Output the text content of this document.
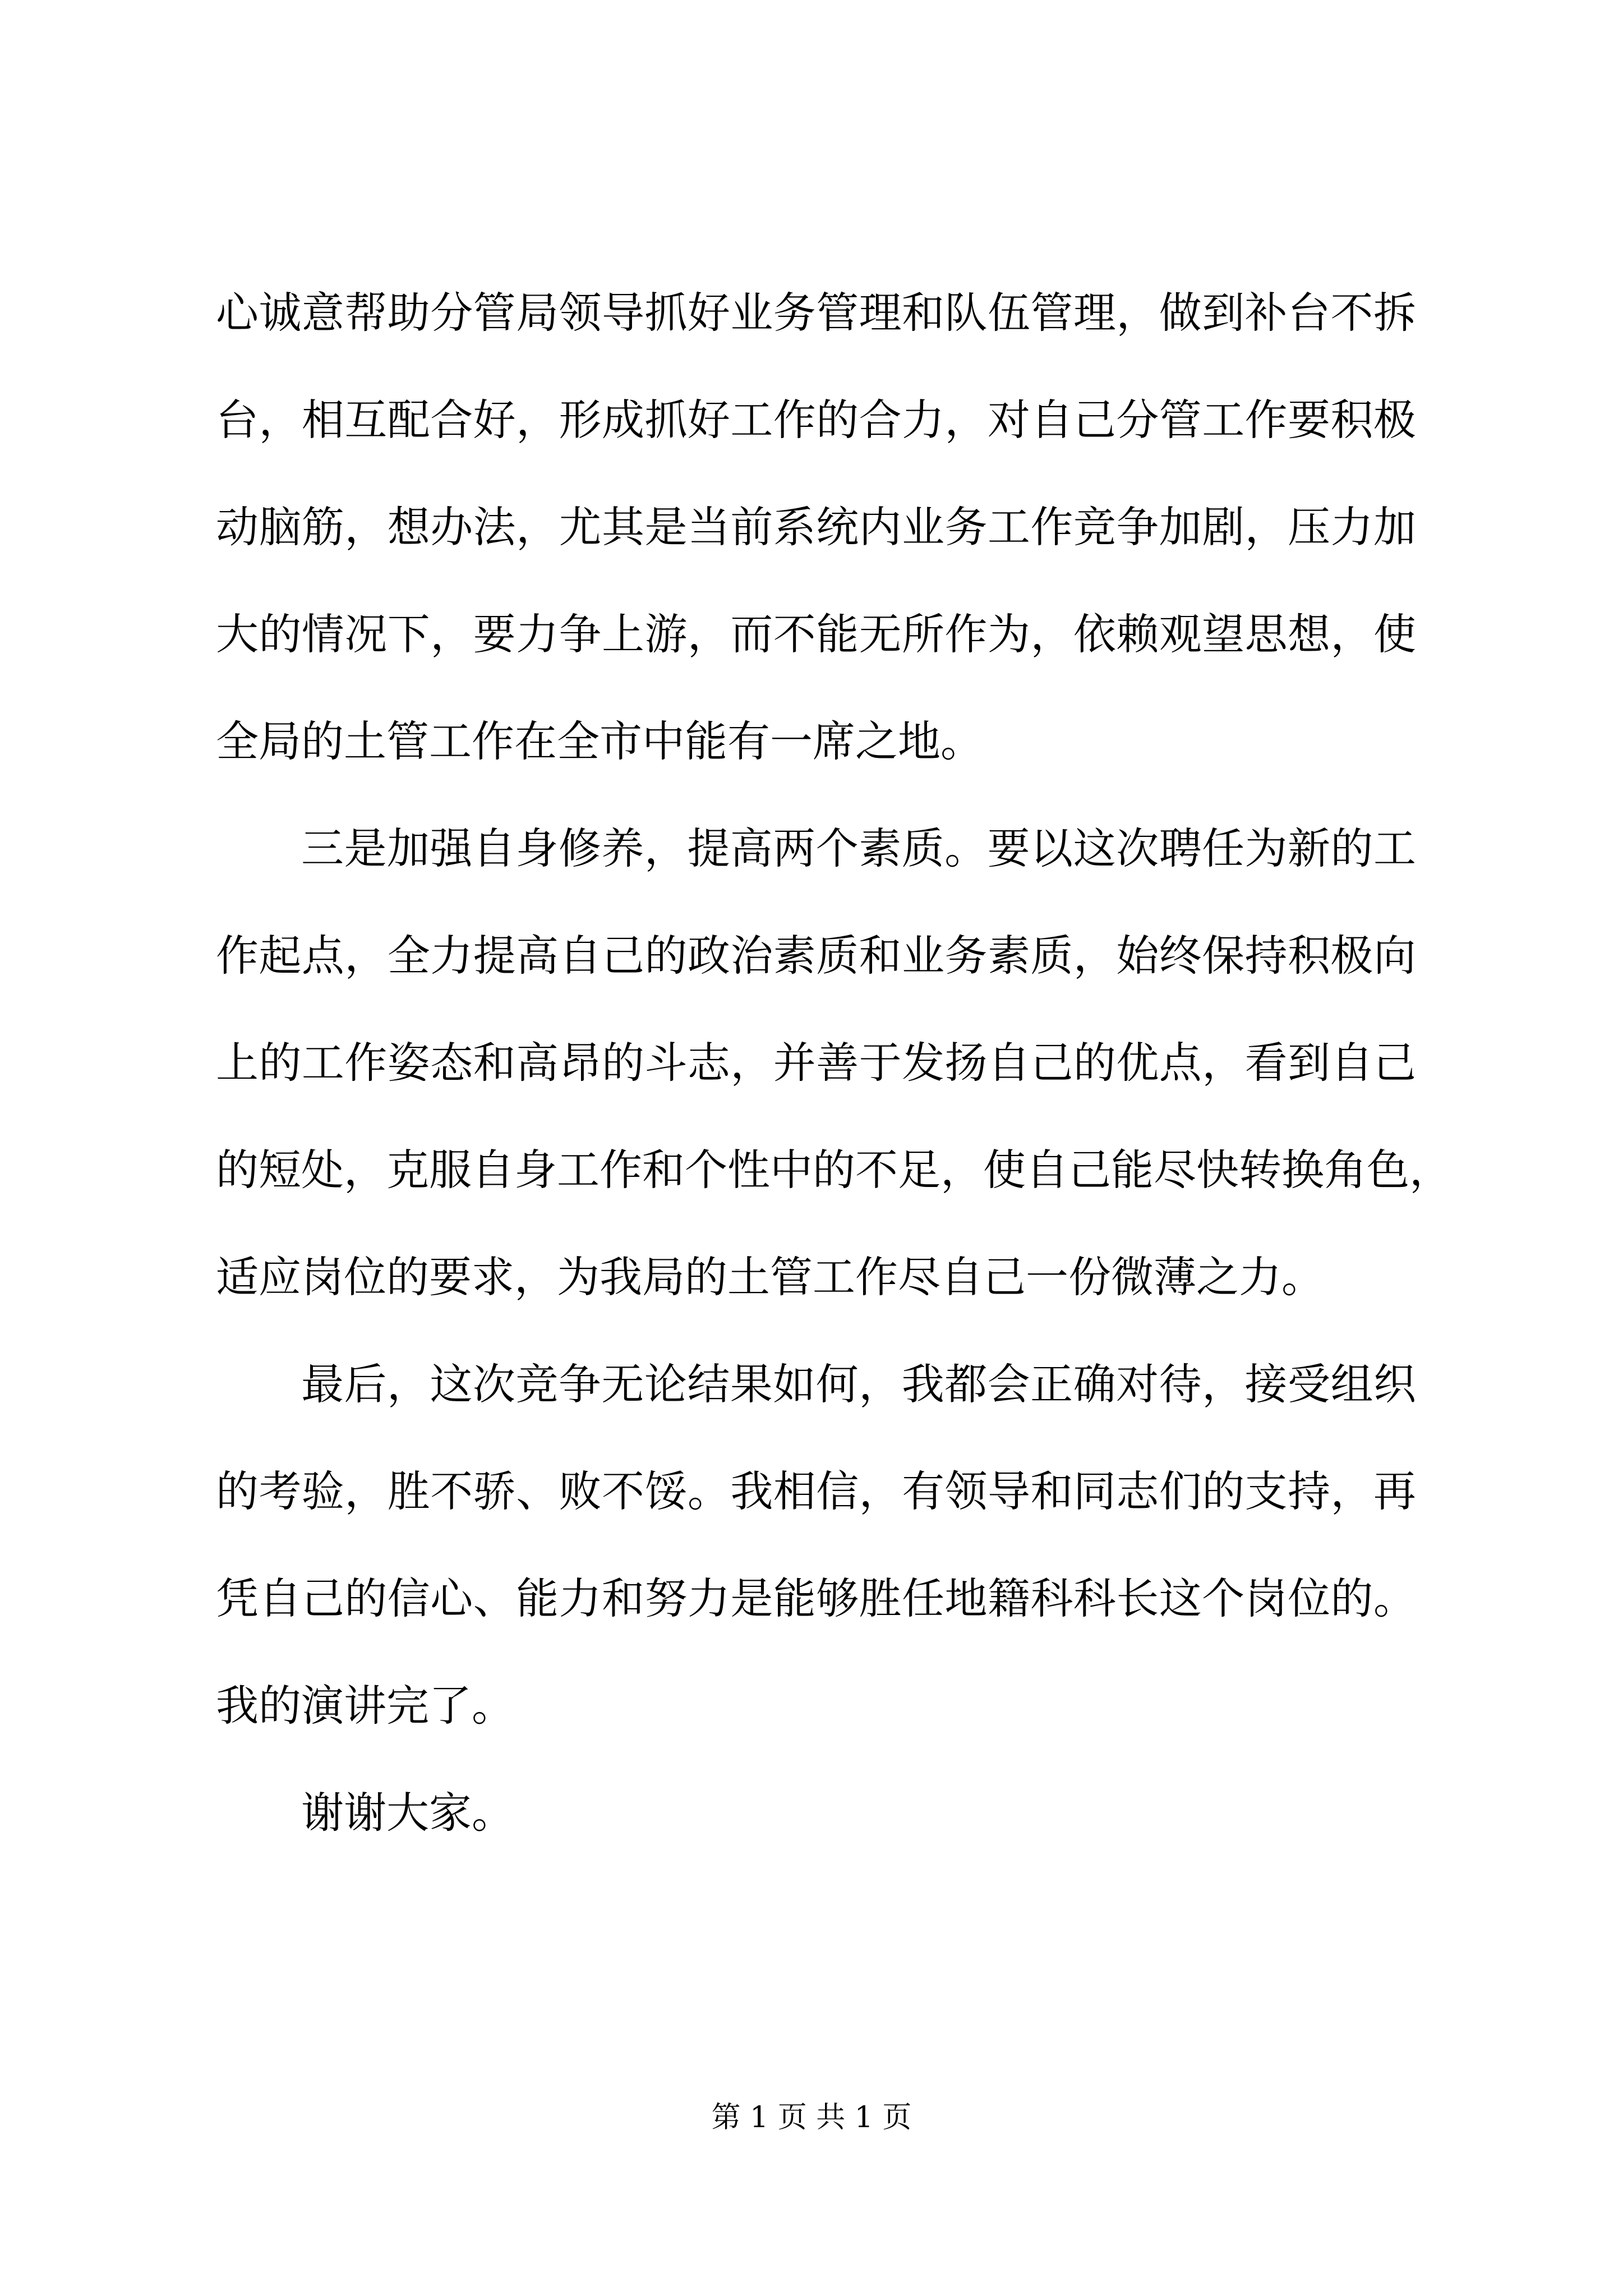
心诚意帮助分管局领导抓好业务管理和队伍管理，做到补台不拆
台，相互配合好，形成抓好工作的合力，对自己分管工作要积极
动脑筋，想办法，尤其是当前系统内业务工作竞争加剧，压力加
大的情况下，要力争上游，而不能无所作为，依赖观望思想，使
全局的土管工作在全市中能有一席之地。
三是加强自身修养，提高两个素质。要以这次聘任为新的工
作起点，全力提高自己的政治素质和业务素质，始终保持积极向
上的工作姿态和高昂的斗志，并善于发扬自己的优点，看到自己
的短处，克服自身工作和个性中的不足，使自己能尽快转换角色，
适应岗位的要求，为我局的土管工作尽自己一份微薄之力。
最后，这次竞争无论结果如何，我都会正确对待，接受组织
的考验，胜不骄、败不馁。我相信，有领导和同志们的支持，再
凭自己的信心、能力和努力是能够胜任地籍科科长这个岗位的。
我的演讲完了。
谢谢大家。
第 1 页 共 1 页
